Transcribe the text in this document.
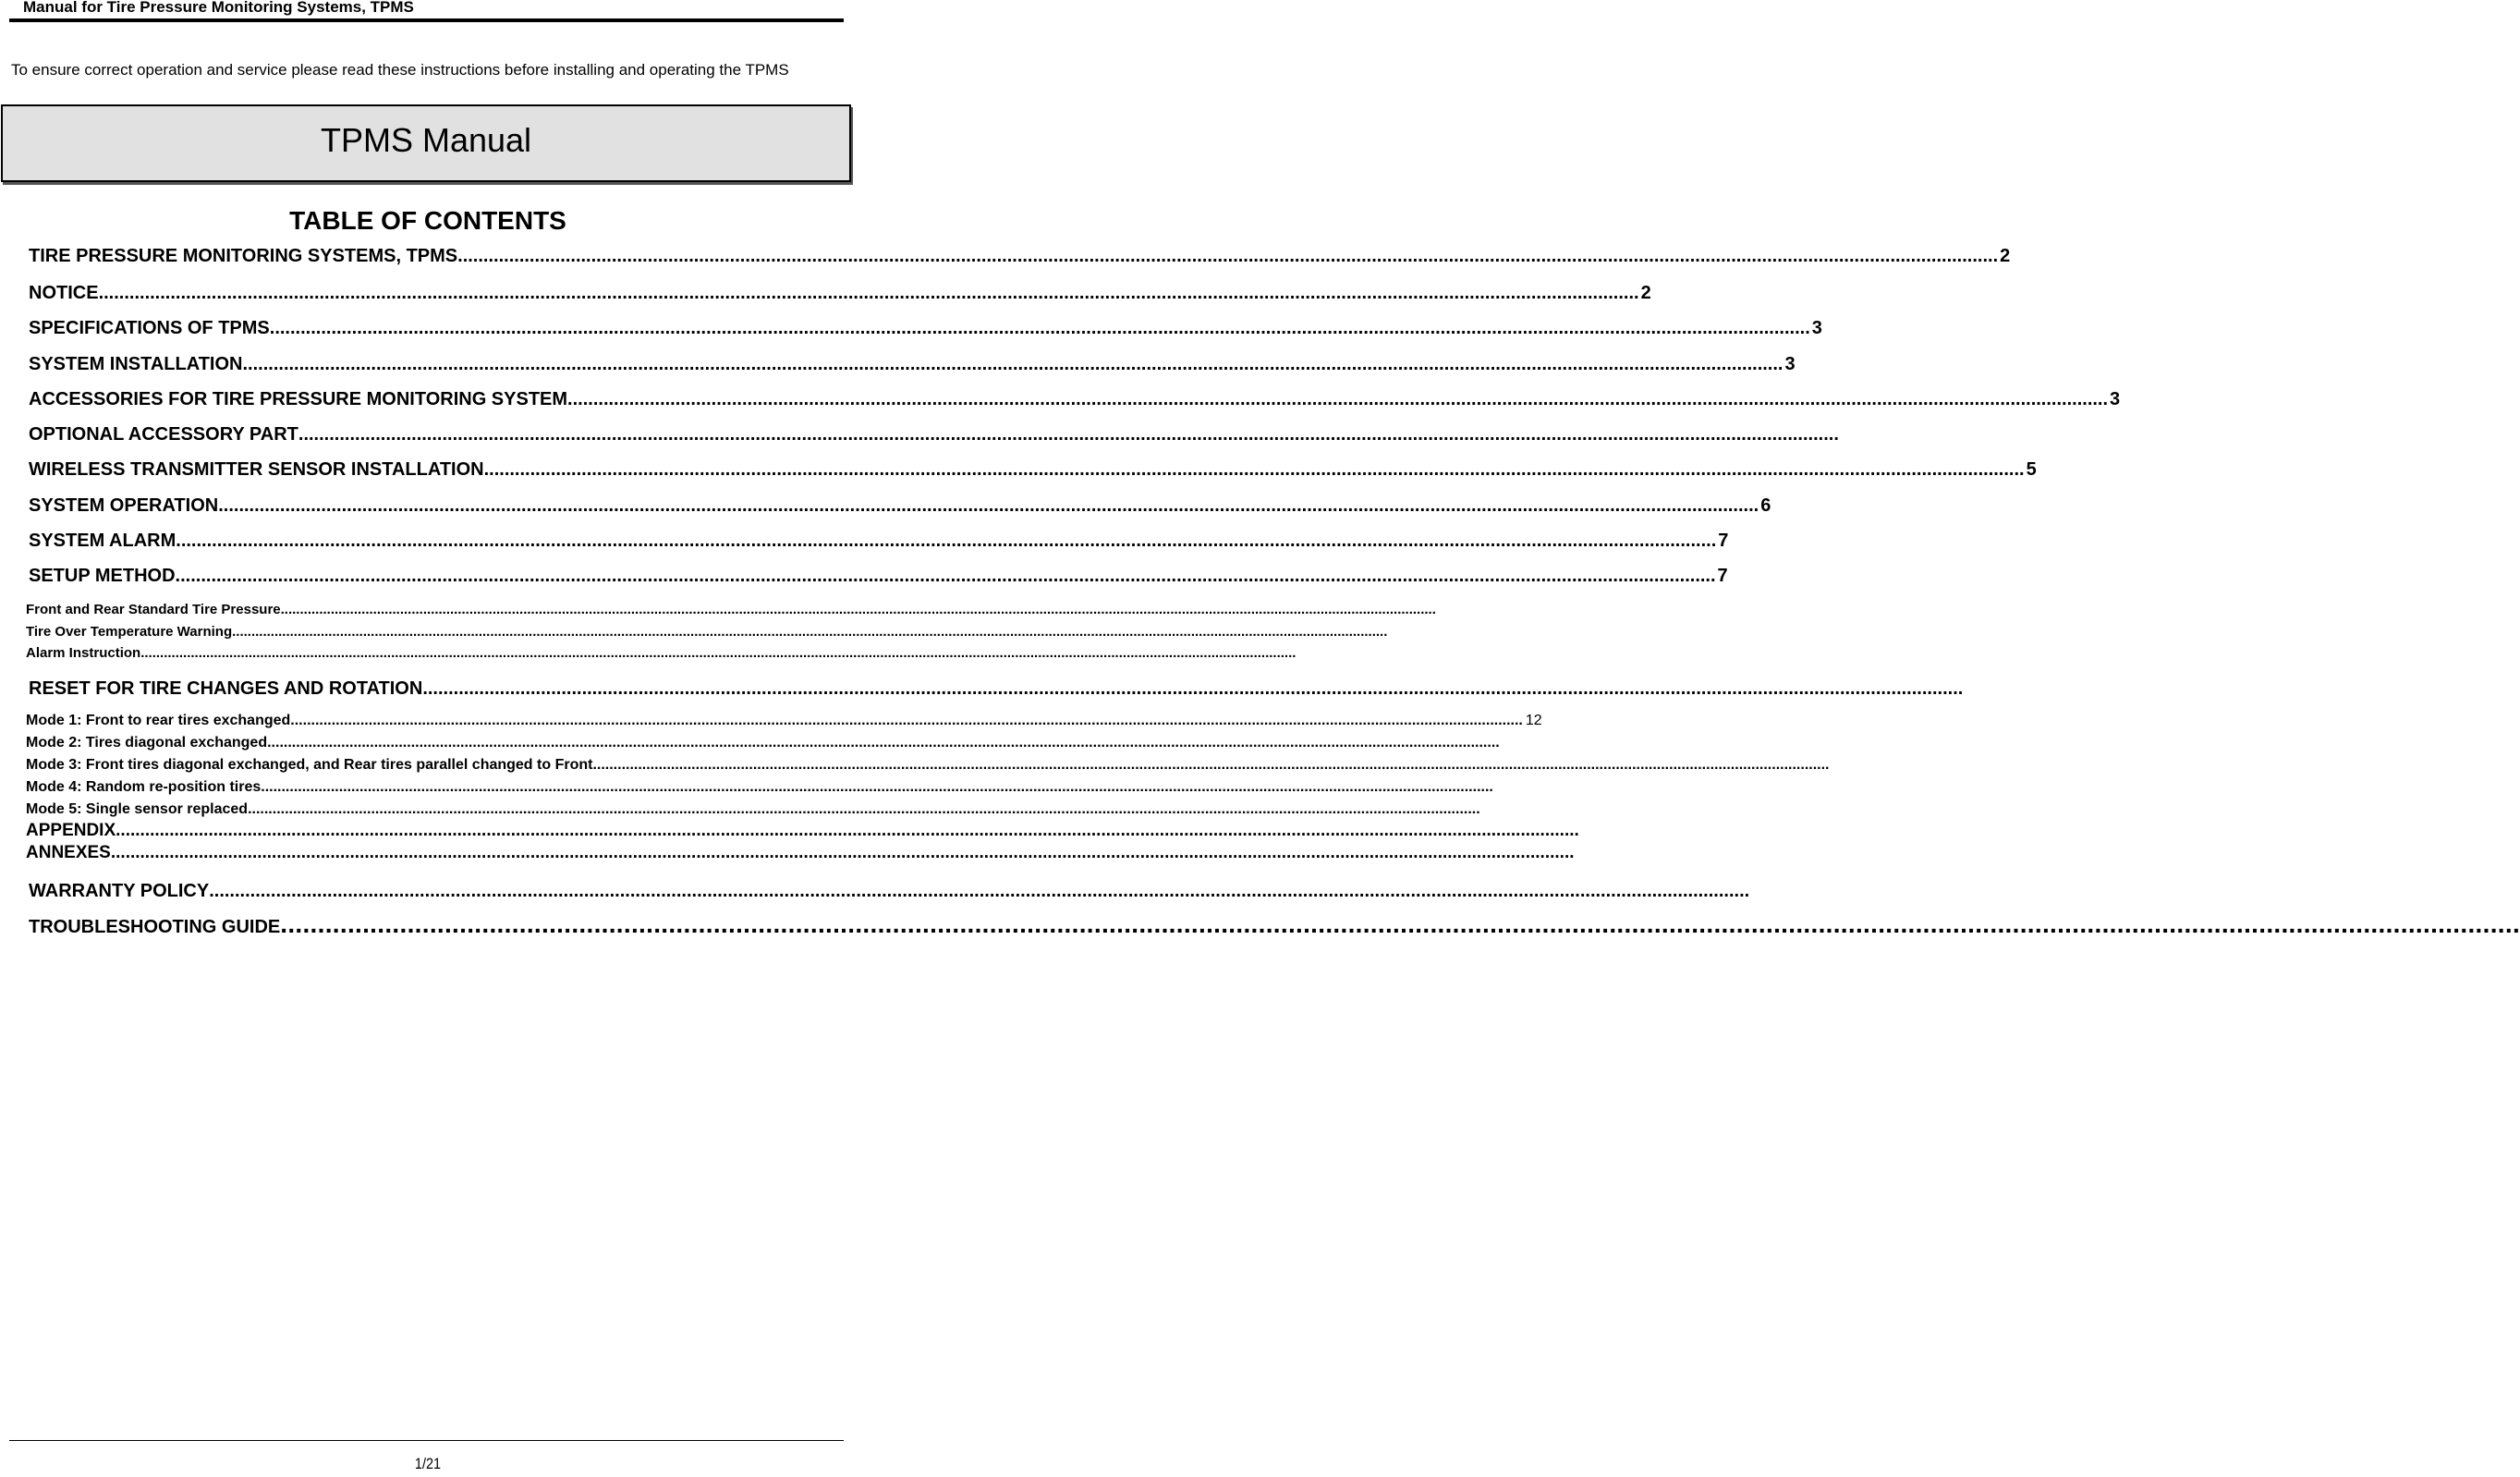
Manual for Tire Pressure Monitoring Systems, TPMS
To ensure correct operation and service please read these instructions before installing and operating the TPMS
TPMS Manual
TABLE OF CONTENTS
TIRE PRESSURE MONITORING SYSTEMS, TPMS ............................................................................................................................................................................................................................................................................................................ 2
NOTICE ............................................................................................................................................................................................................................................................................................................ 2
SPECIFICATIONS OF TPMS ............................................................................................................................................................................................................................................................................................................ 3
SYSTEM INSTALLATION ............................................................................................................................................................................................................................................................................................................ 3
ACCESSORIES FOR TIRE PRESSURE MONITORING SYSTEM ............................................................................................................................................................................................................................................................................................................ 3
OPTIONAL ACCESSORY PART ............................................................................................................................................................................................................................................................................................................
WIRELESS TRANSMITTER SENSOR INSTALLATION ............................................................................................................................................................................................................................................................................................................ 5
SYSTEM OPERATION ............................................................................................................................................................................................................................................................................................................ 6
SYSTEM ALARM ............................................................................................................................................................................................................................................................................................................ 7
SETUP METHOD ............................................................................................................................................................................................................................................................................................................ 7
Front and Rear Standard Tire Pressure ............................................................................................................................................................................................................................................................................................................
Tire Over Temperature Warning ............................................................................................................................................................................................................................................................................................................
Alarm Instruction ............................................................................................................................................................................................................................................................................................................
RESET FOR TIRE CHANGES AND ROTATION ............................................................................................................................................................................................................................................................................................................
Mode 1: Front to rear tires exchanged ............................................................................................................................................................................................................................................................................................................ 12
Mode 2: Tires diagonal exchanged ............................................................................................................................................................................................................................................................................................................
Mode 3: Front tires diagonal exchanged, and Rear tires parallel changed to Front. ............................................................................................................................................................................................................................................................................................................
Mode 4: Random re-position tires ............................................................................................................................................................................................................................................................................................................
Mode 5: Single sensor replaced ............................................................................................................................................................................................................................................................................................................
APPENDIX ............................................................................................................................................................................................................................................................................................................
ANNEXES ............................................................................................................................................................................................................................................................................................................
WARRANTY POLICY ............................................................................................................................................................................................................................................................................................................
TROUBLESHOOTING GUIDE ............................................................................................................................................................................................................................................................................................................
1/21
